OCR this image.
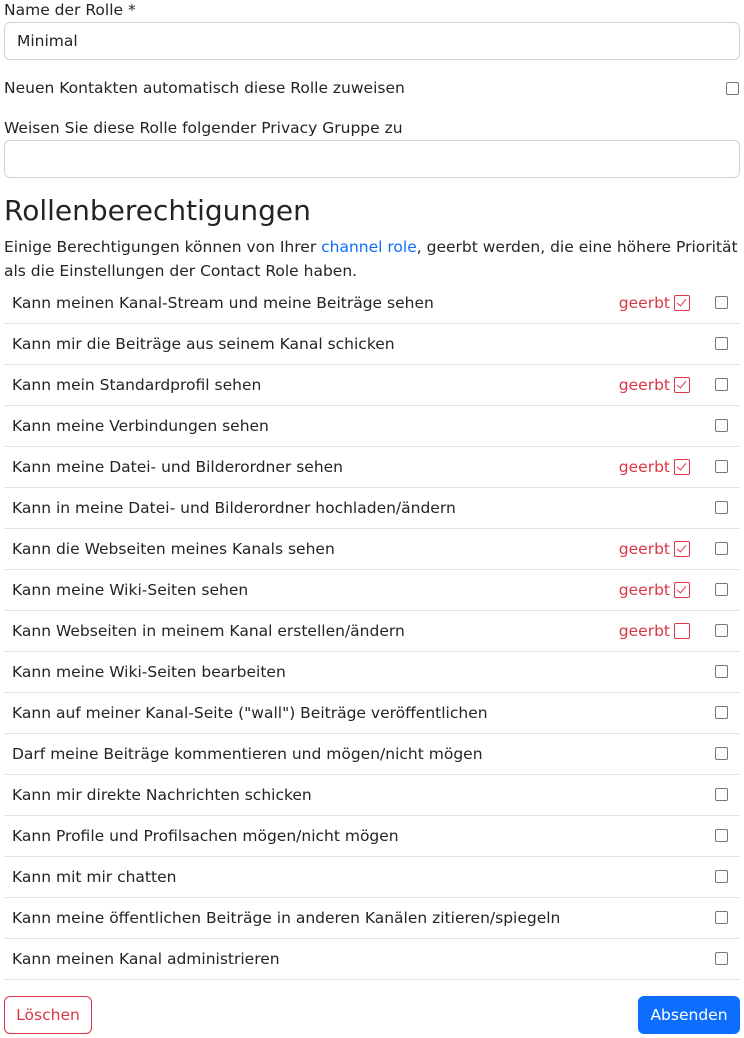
Name der Rolle *
Minimal
Neuen Kontakten automatisch diese Rolle zuweisen
Weisen Sie diese Rolle folgender Privacy Gruppe zu
Rollenberechtigungen
Einige Berechtigungen können von Ihrer channel role, geerbt werden, die eine höhere Priorität als die Einstellungen der Contact Role haben.
Kann meinen Kanal-Stream und meine Beiträge sehen	geerbt
Kann mir die Beiträge aus seinem Kanal schicken
Kann mein Standardprofil sehen	geerbt
Kann meine Verbindungen sehen
Kann meine Datei- und Bilderordner sehen	geerbt
Kann in meine Datei- und Bilderordner hochladen/ändern
Kann die Webseiten meines Kanals sehen	geerbt
Kann meine Wiki-Seiten sehen	geerbt
Kann Webseiten in meinem Kanal erstellen/ändern	geerbt
Kann meine Wiki-Seiten bearbeiten
Kann auf meiner Kanal-Seite ("wall") Beiträge veröffentlichen
Darf meine Beiträge kommentieren und mögen/nicht mögen
Kann mir direkte Nachrichten schicken
Kann Profile und Profilsachen mögen/nicht mögen
Kann mit mir chatten
Kann meine öffentlichen Beiträge in anderen Kanälen zitieren/spiegeln
Kann meinen Kanal administrieren
Löschen	Absenden
